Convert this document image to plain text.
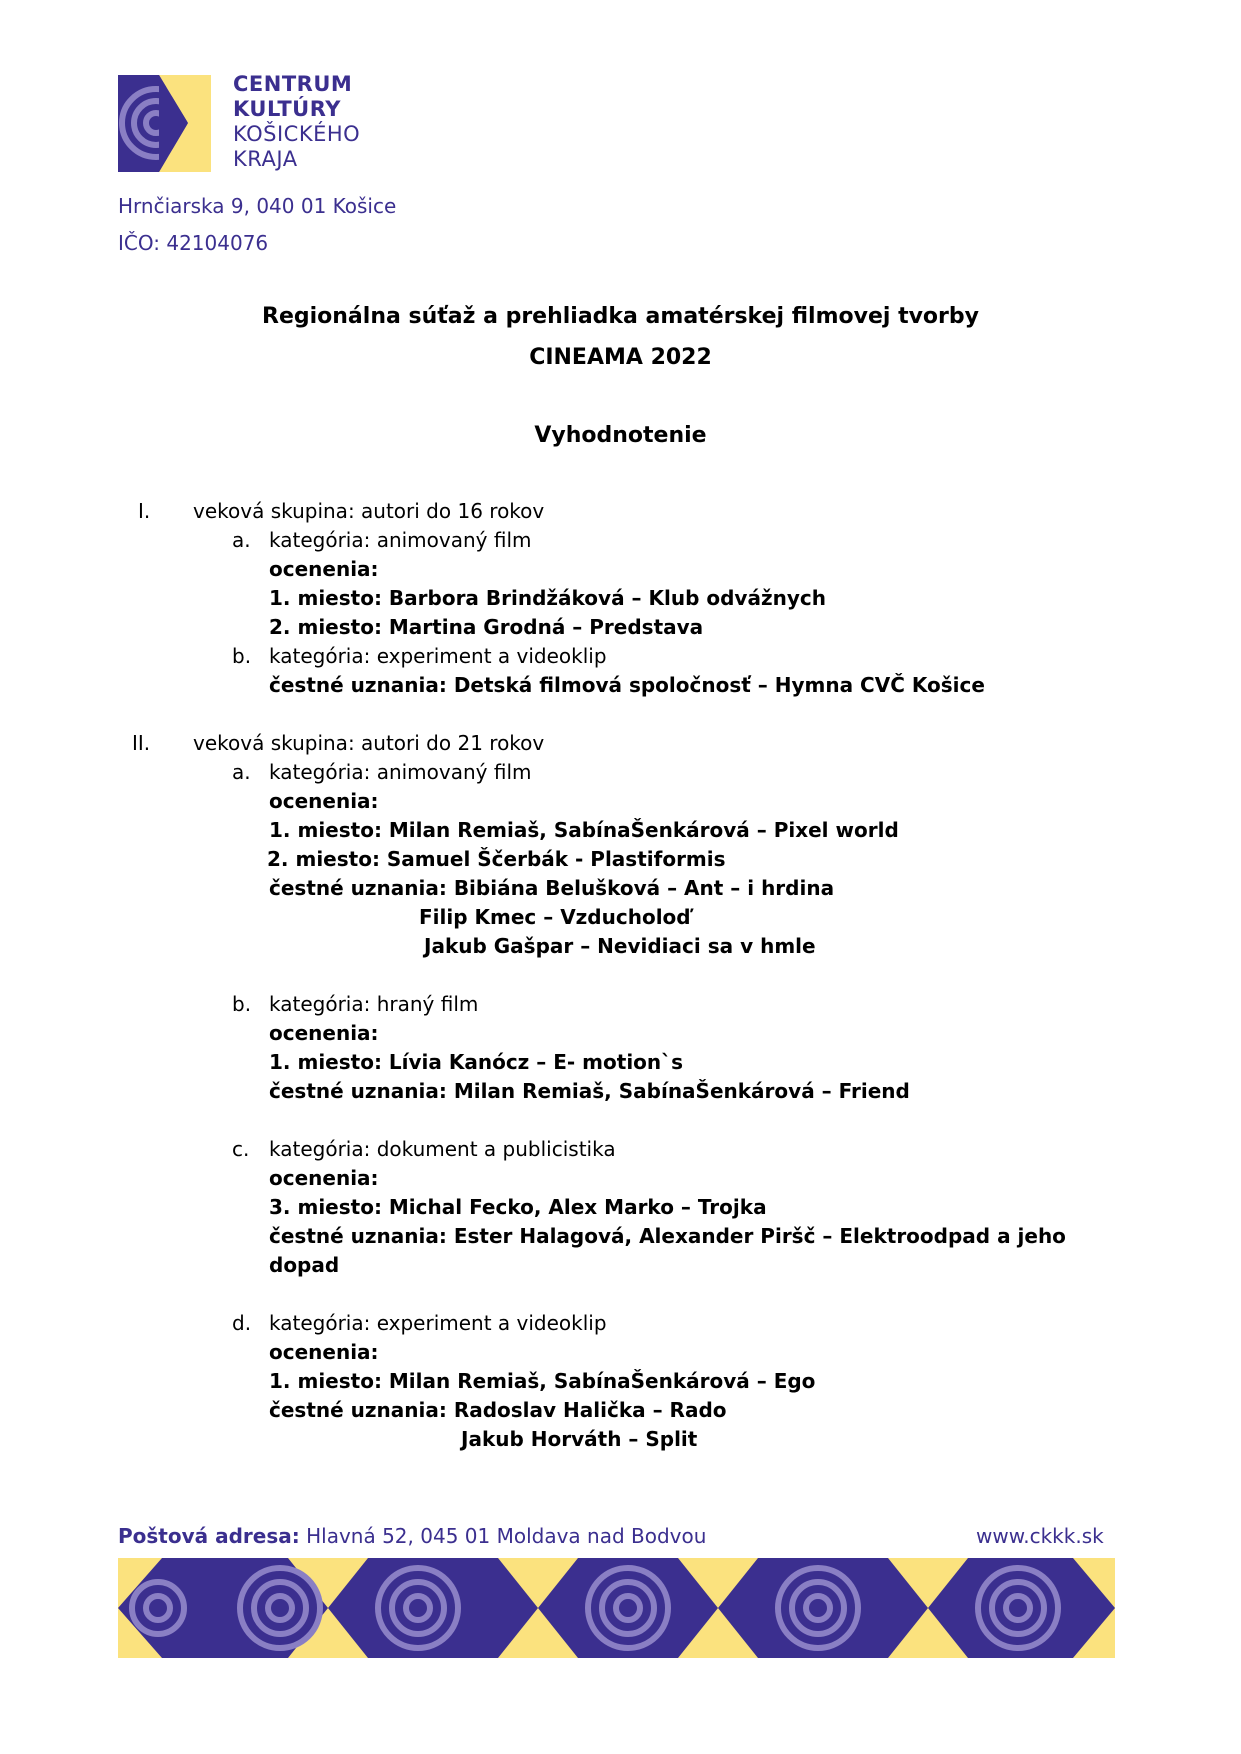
CENTRUM
KULTÚRY
KOŠICKÉHO
KRAJA
Hrnčiarska 9, 040 01 Košice
IČO: 42104076
Regionálna súťaž a prehliadka amatérskej filmovej tvorby
CINEAMA 2022
Vyhodnotenie
I. veková skupina: autori do 16 rokov
a. kategória: animovaný film
ocenenia:
1. miesto: Barbora Brindžáková – Klub odvážnych
2. miesto: Martina Grodná – Predstava
b. kategória: experiment a videoklip
čestné uznania: Detská filmová spoločnosť – Hymna CVČ Košice
II. veková skupina: autori do 21 rokov
a. kategória: animovaný film
ocenenia:
1. miesto: Milan Remiaš, SabínaŠenkárová – Pixel world
2. miesto: Samuel Ščerbák - Plastiformis
čestné uznania: Bibiána Belušková – Ant – i hrdina
Filip Kmec – Vzducholoď
Jakub Gašpar – Nevidiaci sa v hmle
b. kategória: hraný film
ocenenia:
1. miesto: Lívia Kanócz – E- motion`s
čestné uznania: Milan Remiaš, SabínaŠenkárová – Friend
c. kategória: dokument a publicistika
ocenenia:
3. miesto: Michal Fecko, Alex Marko – Trojka
čestné uznania: Ester Halagová, Alexander Piršč – Elektroodpad a jeho
dopad
d. kategória: experiment a videoklip
ocenenia:
1. miesto: Milan Remiaš, SabínaŠenkárová – Ego
čestné uznania: Radoslav Halička – Rado
Jakub Horváth – Split
Poštová adresa: Hlavná 52, 045 01 Moldava nad Bodvou	www.ckkk.sk
